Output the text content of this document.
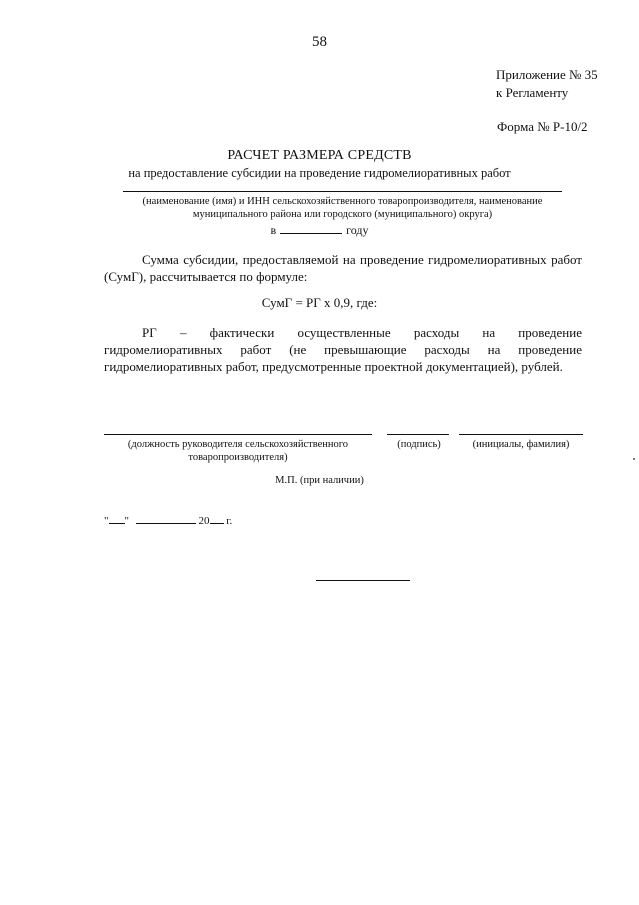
58
Приложение № 35
к Регламенту
Форма № Р-10/2
РАСЧЕТ РАЗМЕРА СРЕДСТВ
на предоставление субсидии на проведение гидромелиоративных работ
(наименование (имя) и ИНН сельскохозяйственного товаропроизводителя, наименование
муниципального района или городского (муниципального) округа)
в	году
Сумма субсидии, предоставляемой на проведение гидромелиоративных работ (СумГ), рассчитывается по формуле:
СумГ = РГ х 0,9, где:
РГ – фактически осуществленные расходы на проведение гидромелиоративных работ (не превышающие расходы на проведение гидромелиоративных работ, предусмотренные проектной документацией), рублей.
(должность руководителя сельскохозяйственного
товаропроизводителя)
(подпись)	(инициалы, фамилия)
М.П. (при наличии)
" "	20 г.
